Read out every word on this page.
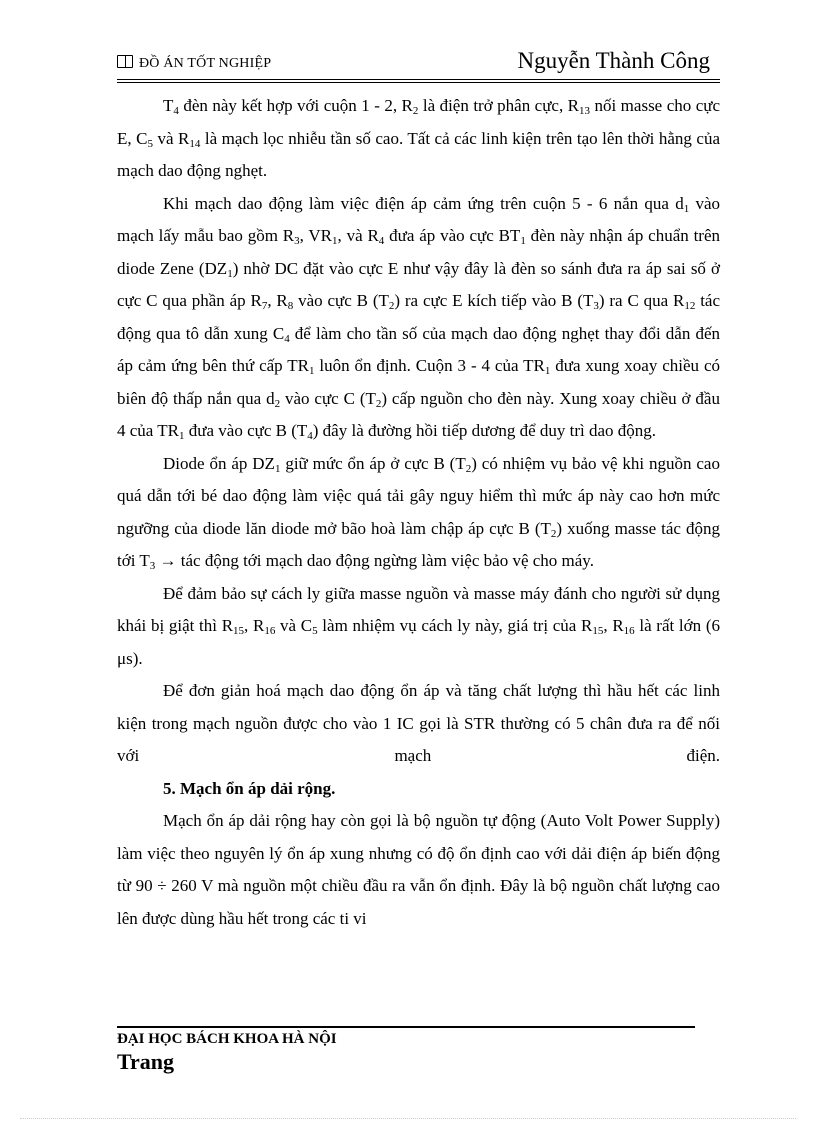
ĐỒ ÁN TỐT NGHIỆP	Nguyễn Thành Công

$T_4$ đèn này kết hợp với cuộn 1 - 2, $R_2$ là điện trở phân cực, $R_{13}$ nối masse cho cực E, $C_5$ và $R_{14}$ là mạch lọc nhiễu tần số cao. Tất cả các linh kiện trên tạo lên thời hằng của mạch dao động nghẹt.

Khi mạch dao động làm việc điện áp cảm ứng trên cuộn 5 - 6 nắn qua $d_1$ vào mạch lấy mẫu bao gồm $R_3$, $VR_1$, và $R_4$ đưa áp vào cực $BT_1$ đèn này nhận áp chuẩn trên diode Zene $(DZ_1)$ nhờ DC đặt vào cực E như vậy đây là đèn so sánh đưa ra áp sai số ở cực C qua phần áp $R_7$, $R_8$ vào cực B $(T_2)$ ra cực E kích tiếp vào B $(T_3)$ ra C qua $R_{12}$ tác động qua tô dẫn xung $C_4$ để làm cho tần số của mạch dao động nghẹt thay đổi dẫn đến áp cảm ứng bên thứ cấp $TR_1$ luôn ổn định. Cuộn 3 - 4 của $TR_1$ đưa xung xoay chiều có biên độ thấp nắn qua $d_2$ vào cực C $(T_2)$ cấp nguồn cho đèn này. Xung xoay chiều ở đầu 4 của $TR_1$ đưa vào cực B $(T_4)$ đây là đường hồi tiếp dương để duy trì dao động.

Diode ổn áp $DZ_1$ giữ mức ổn áp ở cực B $(T_2)$ có nhiệm vụ bảo vệ khi nguồn cao quá dẫn tới bé dao động làm việc quá tải gây nguy hiểm thì mức áp này cao hơn mức ngưỡng của diode lăn diode mở bão hoà làm chập áp cực B $(T_2)$ xuống masse tác động tới $T_3$ → tác động tới mạch dao động ngừng làm việc bảo vệ cho máy.

Để đảm bảo sự cách ly giữa masse nguồn và masse máy đánh cho người sử dụng khái bị giật thì $R_{15}$, $R_{16}$ và $C_5$ làm nhiệm vụ cách ly này, giá trị của $R_{15}$, $R_{16}$ là rất lớn (6 μs).

Để đơn giản hoá mạch dao động ổn áp và tăng chất lượng thì hầu hết các linh kiện trong mạch nguồn được cho vào 1 IC gọi là STR thường có 5 chân đưa ra để nối với mạch điện.

5. Mạch ổn áp dải rộng.

Mạch ổn áp dải rộng hay còn gọi là bộ nguồn tự động (Auto Volt Power Supply) làm việc theo nguyên lý ổn áp xung nhưng có độ ổn định cao với dải điện áp biến động từ 90 ÷ 260 V mà nguồn một chiều đầu ra vẫn ổn định. Đây là bộ nguồn chất lượng cao lên được dùng hầu hết trong các ti vi

ĐẠI HỌC BÁCH KHOA HÀ NỘI
Trang
